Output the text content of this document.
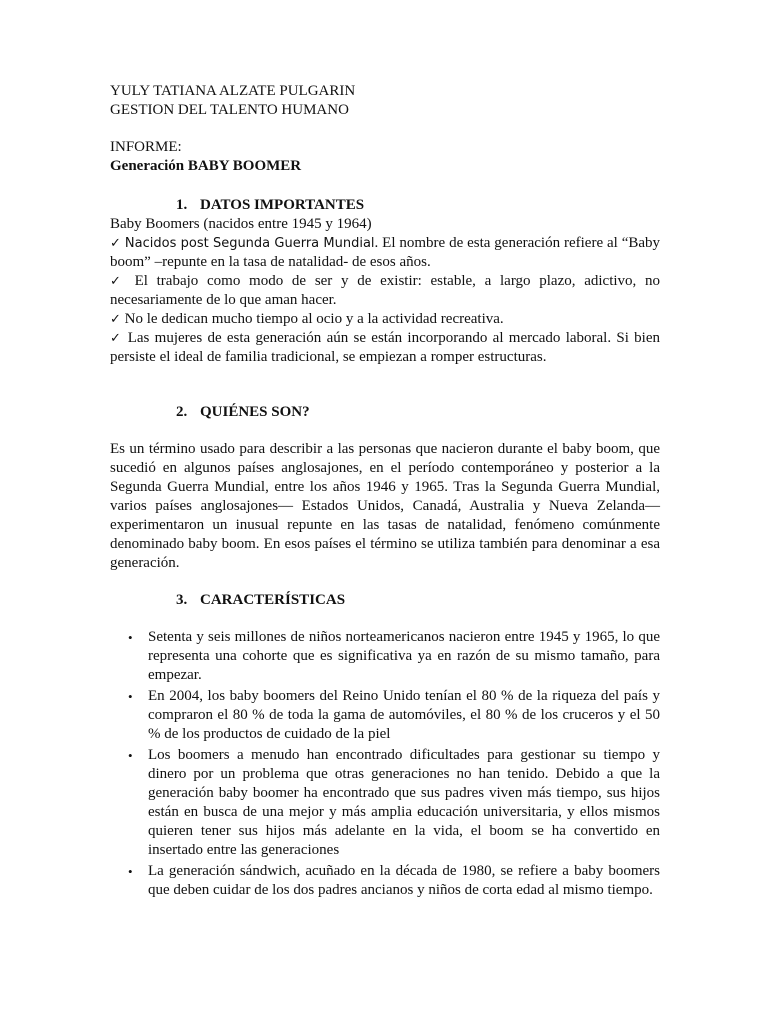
YULY TATIANA ALZATE PULGARIN

GESTION DEL TALENTO HUMANO

INFORME:

Generación BABY BOOMER

1. DATOS IMPORTANTES

Baby Boomers (nacidos entre 1945 y 1964)

✓ Nacidos post Segunda Guerra Mundial. El nombre de esta generación refiere al “Baby boom” –repunte en la tasa de natalidad- de esos años.

✓ El trabajo como modo de ser y de existir: estable, a largo plazo, adictivo, no necesariamente de lo que aman hacer.

✓ No le dedican mucho tiempo al ocio y a la actividad recreativa.

✓ Las mujeres de esta generación aún se están incorporando al mercado laboral. Si bien persiste el ideal de familia tradicional, se empiezan a romper estructuras.

2. QUIÉNES SON?

Es un término usado para describir a las personas que nacieron durante el baby boom, que sucedió en algunos países anglosajones, en el período contemporáneo y posterior a la Segunda Guerra Mundial, entre los años 1946 y 1965. Tras la Segunda Guerra Mundial, varios países anglosajones— Estados Unidos, Canadá, Australia y Nueva Zelanda— experimentaron un inusual repunte en las tasas de natalidad, fenómeno comúnmente denominado baby boom. En esos países el término se utiliza también para denominar a esa generación.

3. CARACTERÍSTICAS

• Setenta y seis millones de niños norteamericanos nacieron entre 1945 y 1965, lo que representa una cohorte que es significativa ya en razón de su mismo tamaño, para empezar.
• En 2004, los baby boomers del Reino Unido tenían el 80 % de la riqueza del país y compraron el 80 % de toda la gama de automóviles, el 80 % de los cruceros y el 50 % de los productos de cuidado de la piel
• Los boomers a menudo han encontrado dificultades para gestionar su tiempo y dinero por un problema que otras generaciones no han tenido. Debido a que la generación baby boomer ha encontrado que sus padres viven más tiempo, sus hijos están en busca de una mejor y más amplia educación universitaria, y ellos mismos quieren tener sus hijos más adelante en la vida, el boom se ha convertido en insertado entre las generaciones
• La generación sándwich, acuñado en la década de 1980, se refiere a baby boomers que deben cuidar de los dos padres ancianos y niños de corta edad al mismo tiempo.
